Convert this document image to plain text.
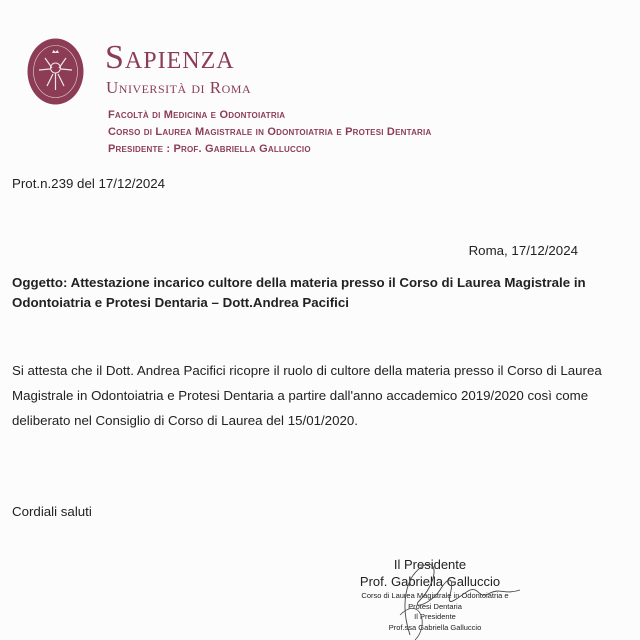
Sapienza
Università di Roma
Facoltà di Medicina e Odontoiatria
Corso di Laurea Magistrale in Odontoiatria e Protesi Dentaria
Presidente : Prof. Gabriella Galluccio
Prot.n.239 del 17/12/2024
Roma, 17/12/2024
Oggetto: Attestazione incarico cultore della materia presso il Corso di Laurea Magistrale in
Odontoiatria e Protesi Dentaria – Dott.Andrea Pacifici
Si attesta che il Dott. Andrea Pacifici ricopre il ruolo di cultore della materia presso il Corso di Laurea
Magistrale in Odontoiatria e Protesi Dentaria a partire dall'anno accademico 2019/2020 così come
deliberato nel Consiglio di Corso di Laurea del 15/01/2020.
Cordiali saluti
Il Presidente
Prof. Gabriella Galluccio
Corso di Laurea Magistrale in Odontoiatria e
Protesi Dentaria
Il Presidente
Prof.ssa Gabriella Galluccio
